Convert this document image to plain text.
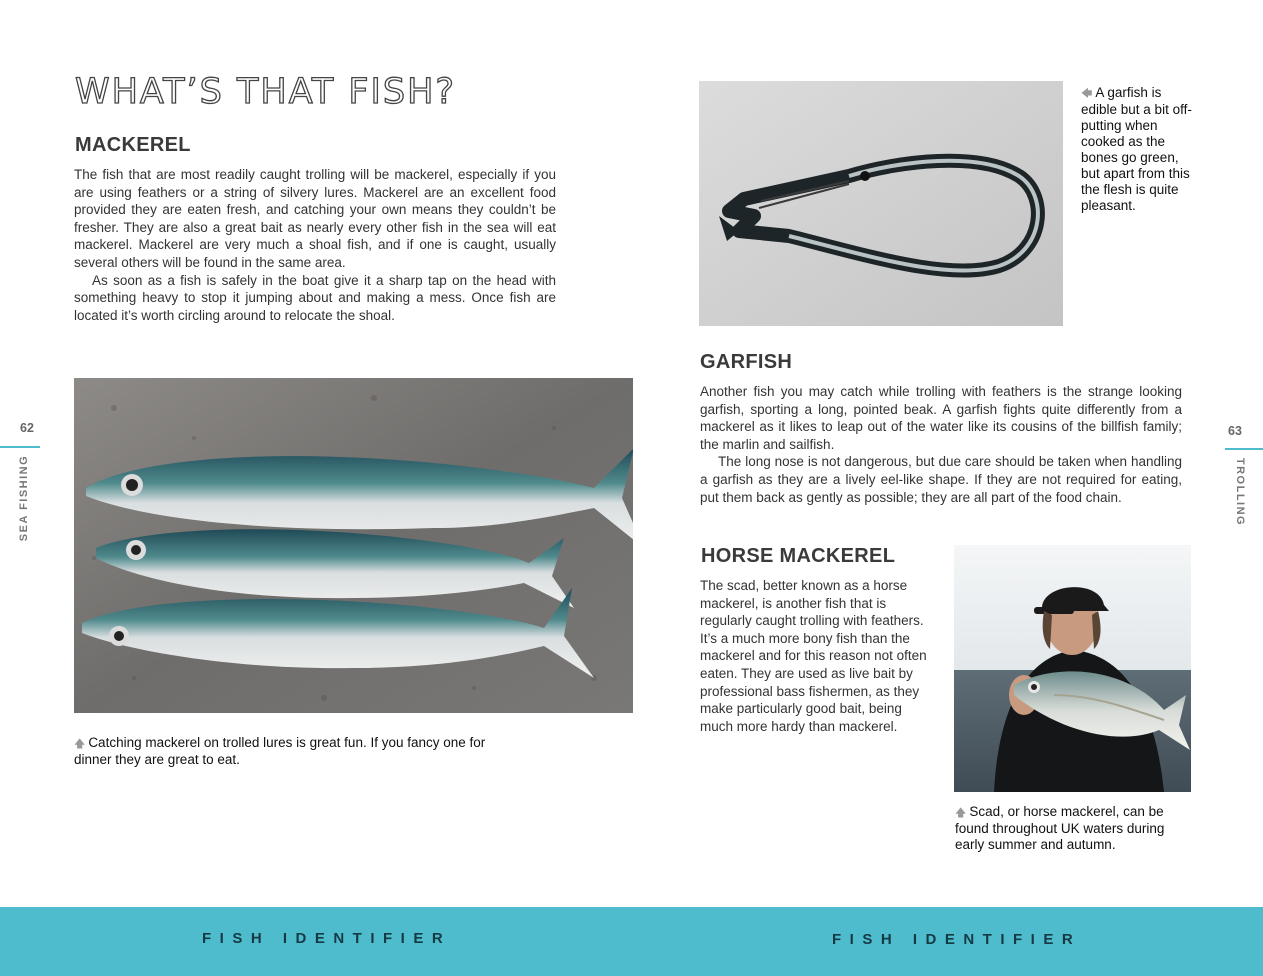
WHAT’S THAT FISH?
MACKEREL

The fish that are most readily caught trolling will be mackerel, especially if you are using feathers or a string of silvery lures. Mackerel are an excellent food provided they are eaten fresh, and catching your own means they couldn’t be fresher. They are also a great bait as nearly every other fish in the sea will eat mackerel. Mackerel are very much a shoal fish, and if one is caught, usually several others will be found in the same area.

As soon as a fish is safely in the boat give it a sharp tap on the head with something heavy to stop it jumping about and making a mess. Once fish are located it’s worth circling around to relocate the shoal.

🡅 Catching mackerel on trolled lures is great fun. If you fancy one for dinner they are great to eat.
62
SEA FISHING
🡄 A garfish is edible but a bit off-putting when cooked as the bones go green, but apart from this the flesh is quite pleasant.
GARFISH

Another fish you may catch while trolling with feathers is the strange looking garfish, sporting a long, pointed beak. A garfish fights quite differently from a mackerel as it likes to leap out of the water like its cousins of the billfish family; the marlin and sailfish.

The long nose is not dangerous, but due care should be taken when handling a garfish as they are a lively eel-like shape. If they are not required for eating, put them back as gently as possible; they are all part of the food chain.

HORSE MACKEREL

The scad, better known as a horse mackerel, is another fish that is regularly caught trolling with feathers. It’s a much more bony fish than the mackerel and for this reason not often eaten. They are used as live bait by professional bass fishermen, as they make particularly good bait, being much more hardy than mackerel.

🡅 Scad, or horse mackerel, can be found throughout UK waters during early summer and autumn.
63
TROLLING
FISH IDENTIFIER	FISH IDENTIFIER
